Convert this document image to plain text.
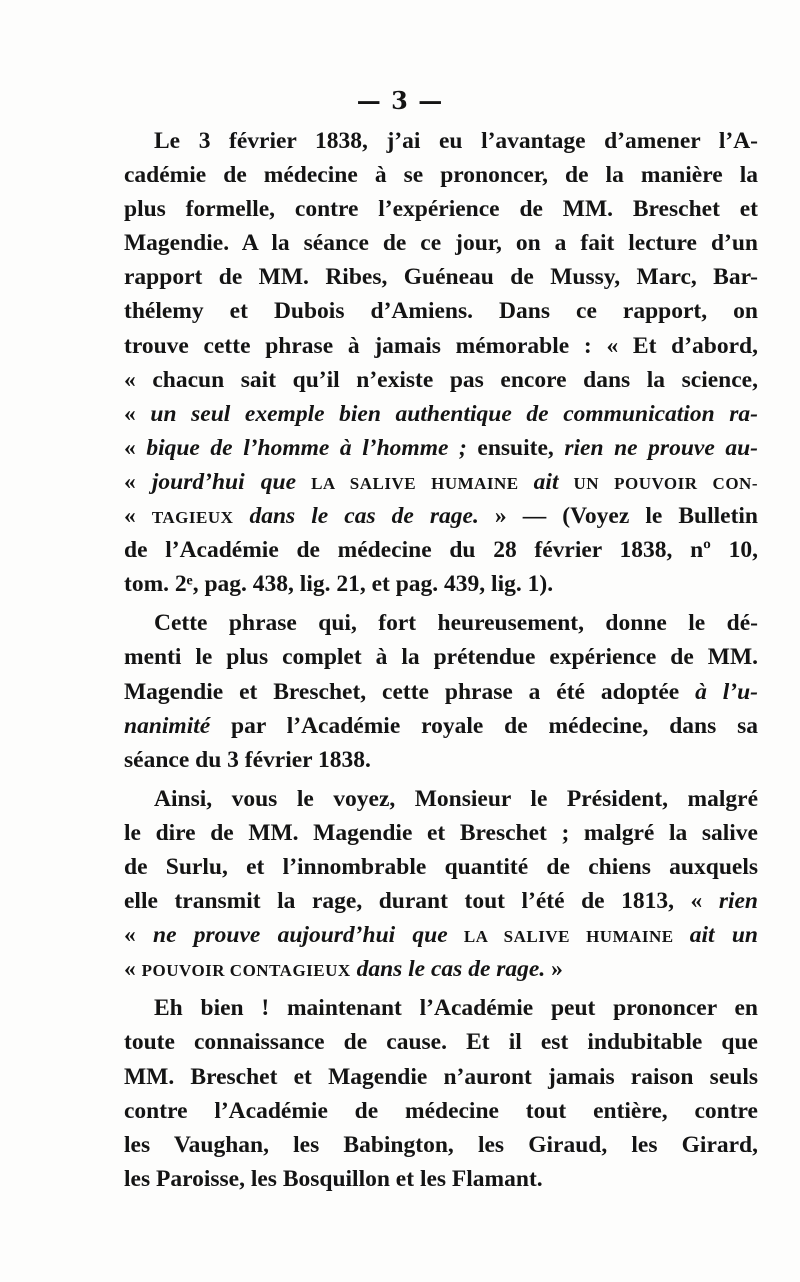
— 3 —
Le 3 février 1838, j’ai eu l’avantage d’amener l’A-
cadémie de médecine à se prononcer, de la manière la
plus formelle, contre l’expérience de MM. Breschet et
Magendie. A la séance de ce jour, on a fait lecture d’un
rapport de MM. Ribes, Guéneau de Mussy, Marc, Bar-
thélemy et Dubois d’Amiens. Dans ce rapport, on
trouve cette phrase à jamais mémorable : « Et d’abord,
« chacun sait qu’il n’existe pas encore dans la science,
« un seul exemple bien authentique de communication ra-
« bique de l’homme à l’homme ; ensuite, rien ne prouve au-
« jourd’hui que LA SALIVE HUMAINE ait UN POUVOIR CON-
« TAGIEUX dans le cas de rage. » — (Voyez le Bulletin
de l’Académie de médecine du 28 février 1838, nº 10,
tom. 2ᵉ, pag. 438, lig. 21, et pag. 439, lig. 1).
Cette phrase qui, fort heureusement, donne le dé-
menti le plus complet à la prétendue expérience de MM.
Magendie et Breschet, cette phrase a été adoptée à l’u-
nanimité par l’Académie royale de médecine, dans sa
séance du 3 février 1838.
Ainsi, vous le voyez, Monsieur le Président, malgré
le dire de MM. Magendie et Breschet ; malgré la salive
de Surlu, et l’innombrable quantité de chiens auxquels
elle transmit la rage, durant tout l’été de 1813, « rien
« ne prouve aujourd’hui que LA SALIVE HUMAINE ait un
« POUVOIR CONTAGIEUX dans le cas de rage. »
Eh bien ! maintenant l’Académie peut prononcer en
toute connaissance de cause. Et il est indubitable que
MM. Breschet et Magendie n’auront jamais raison seuls
contre l’Académie de médecine tout entière, contre
les Vaughan, les Babington, les Giraud, les Girard,
les Paroisse, les Bosquillon et les Flamant.
